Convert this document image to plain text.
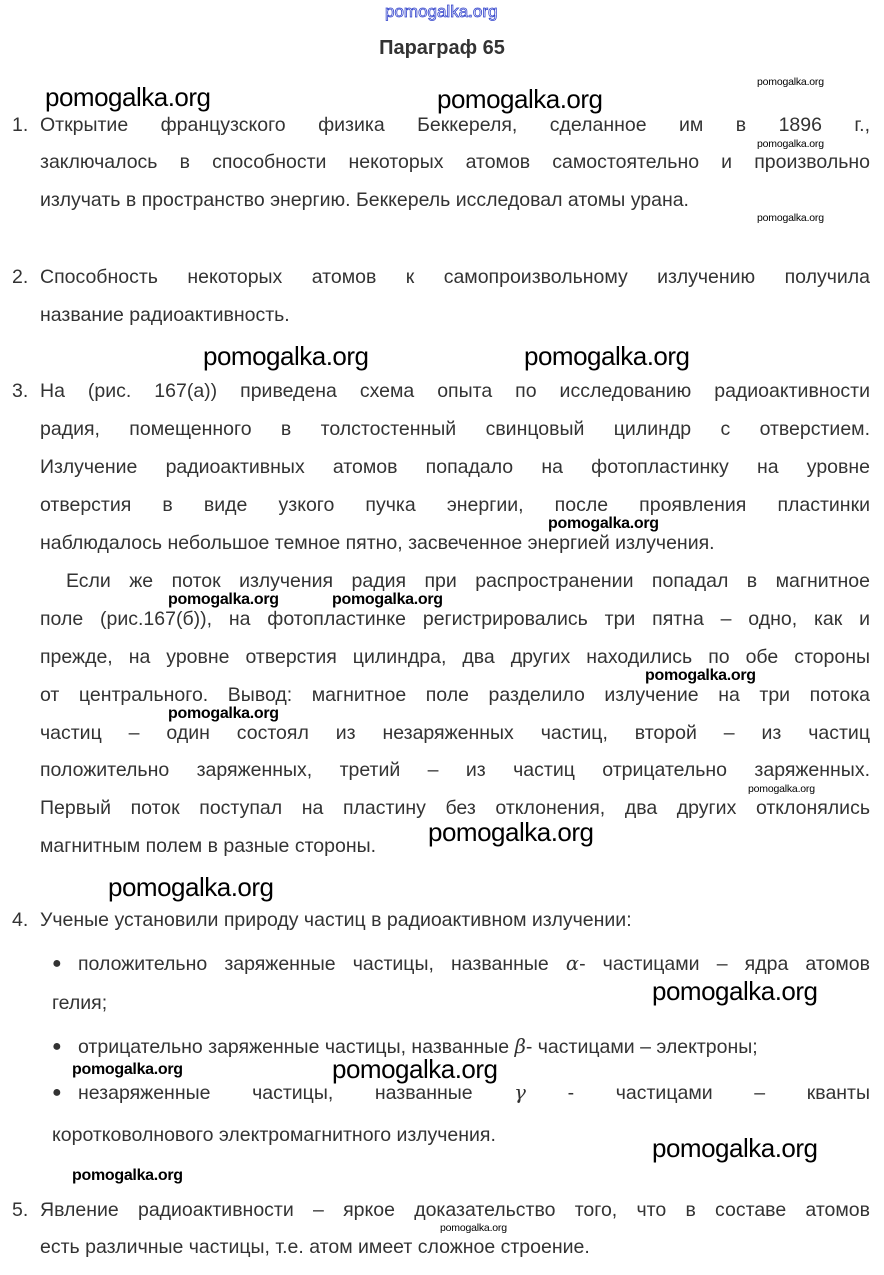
pomogalka.org
Параграф 65
1. Открытие французского физика Беккереля, сделанное им в 1896 г.,
заключалось в способности некоторых атомов самостоятельно и произвольно
излучать в пространство энергию. Беккерель исследовал атомы урана.
2. Способность некоторых атомов к самопроизвольному излучению получила
название радиоактивность.
3. На (рис. 167(а)) приведена схема опыта по исследованию радиоактивности
радия, помещенного в толстостенный свинцовый цилиндр с отверстием.
Излучение радиоактивных атомов попадало на фотопластинку на уровне
отверстия в виде узкого пучка энергии, после проявления пластинки
наблюдалось небольшое темное пятно, засвеченное энергией излучения.
Если же поток излучения радия при распространении попадал в магнитное
поле (рис.167(б)), на фотопластинке регистрировались три пятна – одно, как и
прежде, на уровне отверстия цилиндра, два других находились по обе стороны
от центрального. Вывод: магнитное поле разделило излучение на три потока
частиц – один состоял из незаряженных частиц, второй – из частиц
положительно заряженных, третий – из частиц отрицательно заряженных.
Первый поток поступал на пластину без отклонения, два других отклонялись
магнитным полем в разные стороны.
4. Ученые установили природу частиц в радиоактивном излучении:
● положительно заряженные частицы, названные α- частицами – ядра атомов
гелия;
● отрицательно заряженные частицы, названные β- частицами – электроны;
● незаряженные частицы, названные γ - частицами – кванты
коротковолнового электромагнитного излучения.
5. Явление радиоактивности – яркое доказательство того, что в составе атомов
есть различные частицы, т.е. атом имеет сложное строение.
pomogalka.org	pomogalka.org
pomogalka.org	pomogalka.org
pomogalka.org
pomogalka.org
pomogalka.org
pomogalka.org
pomogalka.org
pomogalka.org
pomogalka.org
pomogalka.org
pomogalka.org
pomogalka.org
pomogalka.org
pomogalka.org	pomogalka.org
pomogalka.org
pomogalka.org
pomogalka.org
pomogalka.org
